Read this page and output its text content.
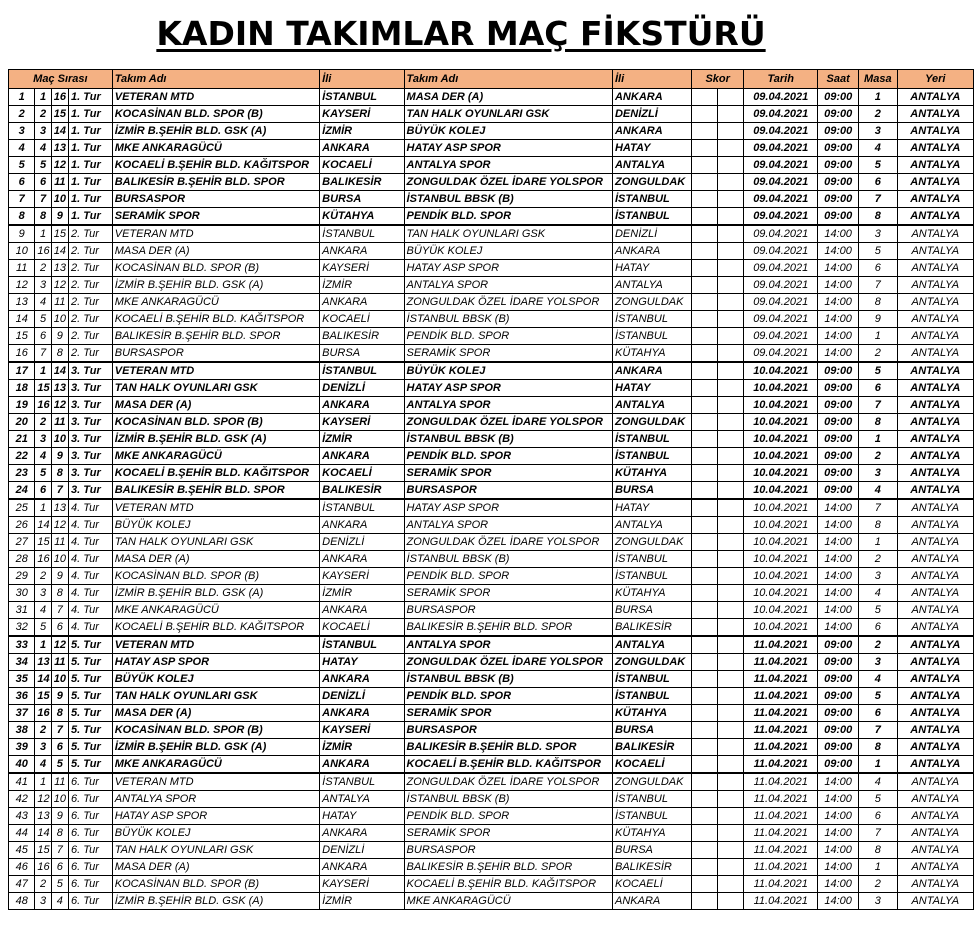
KADIN TAKIMLAR MAÇ FİKSTÜRÜ
Maç Sırası				Takım Adı	İli	Takım Adı	İli	Skor		Tarih	Saat	Masa	Yeri
1	1	16	1. Tur	VETERAN MTD	İSTANBUL	MASA DER (A)	ANKARA			09.04.2021	09:00	1	ANTALYA
2	2	15	1. Tur	KOCASİNAN BLD. SPOR (B)	KAYSERİ	TAN HALK OYUNLARI GSK	DENİZLİ			09.04.2021	09:00	2	ANTALYA
3	3	14	1. Tur	İZMİR B.ŞEHİR BLD. GSK (A)	İZMİR	BÜYÜK KOLEJ	ANKARA			09.04.2021	09:00	3	ANTALYA
4	4	13	1. Tur	MKE ANKARAGÜCÜ	ANKARA	HATAY ASP SPOR	HATAY			09.04.2021	09:00	4	ANTALYA
5	5	12	1. Tur	KOCAELİ B.ŞEHİR BLD. KAĞITSPOR	KOCAELİ	ANTALYA SPOR	ANTALYA			09.04.2021	09:00	5	ANTALYA
6	6	11	1. Tur	BALIKESİR B.ŞEHİR BLD. SPOR	BALIKESİR	ZONGULDAK ÖZEL İDARE YOLSPOR	ZONGULDAK			09.04.2021	09:00	6	ANTALYA
7	7	10	1. Tur	BURSASPOR	BURSA	İSTANBUL BBSK (B)	İSTANBUL			09.04.2021	09:00	7	ANTALYA
8	8	9	1. Tur	SERAMİK SPOR	KÜTAHYA	PENDİK BLD. SPOR	İSTANBUL			09.04.2021	09:00	8	ANTALYA
9	1	15	2. Tur	VETERAN MTD	İSTANBUL	TAN HALK OYUNLARI GSK	DENİZLİ			09.04.2021	14:00	3	ANTALYA
10	16	14	2. Tur	MASA DER (A)	ANKARA	BÜYÜK KOLEJ	ANKARA			09.04.2021	14:00	5	ANTALYA
11	2	13	2. Tur	KOCASİNAN BLD. SPOR (B)	KAYSERİ	HATAY ASP SPOR	HATAY			09.04.2021	14:00	6	ANTALYA
12	3	12	2. Tur	İZMİR B.ŞEHİR BLD. GSK (A)	İZMİR	ANTALYA SPOR	ANTALYA			09.04.2021	14:00	7	ANTALYA
13	4	11	2. Tur	MKE ANKARAGÜCÜ	ANKARA	ZONGULDAK ÖZEL İDARE YOLSPOR	ZONGULDAK			09.04.2021	14:00	8	ANTALYA
14	5	10	2. Tur	KOCAELİ B.ŞEHİR BLD. KAĞITSPOR	KOCAELİ	İSTANBUL BBSK (B)	İSTANBUL			09.04.2021	14:00	9	ANTALYA
15	6	9	2. Tur	BALIKESİR B.ŞEHİR BLD. SPOR	BALIKESİR	PENDİK BLD. SPOR	İSTANBUL			09.04.2021	14:00	1	ANTALYA
16	7	8	2. Tur	BURSASPOR	BURSA	SERAMİK SPOR	KÜTAHYA			09.04.2021	14:00	2	ANTALYA
17	1	14	3. Tur	VETERAN MTD	İSTANBUL	BÜYÜK KOLEJ	ANKARA			10.04.2021	09:00	5	ANTALYA
18	15	13	3. Tur	TAN HALK OYUNLARI GSK	DENİZLİ	HATAY ASP SPOR	HATAY			10.04.2021	09:00	6	ANTALYA
19	16	12	3. Tur	MASA DER (A)	ANKARA	ANTALYA SPOR	ANTALYA			10.04.2021	09:00	7	ANTALYA
20	2	11	3. Tur	KOCASİNAN BLD. SPOR (B)	KAYSERİ	ZONGULDAK ÖZEL İDARE YOLSPOR	ZONGULDAK			10.04.2021	09:00	8	ANTALYA
21	3	10	3. Tur	İZMİR B.ŞEHİR BLD. GSK (A)	İZMİR	İSTANBUL BBSK (B)	İSTANBUL			10.04.2021	09:00	1	ANTALYA
22	4	9	3. Tur	MKE ANKARAGÜCÜ	ANKARA	PENDİK BLD. SPOR	İSTANBUL			10.04.2021	09:00	2	ANTALYA
23	5	8	3. Tur	KOCAELİ B.ŞEHİR BLD. KAĞITSPOR	KOCAELİ	SERAMİK SPOR	KÜTAHYA			10.04.2021	09:00	3	ANTALYA
24	6	7	3. Tur	BALIKESİR B.ŞEHİR BLD. SPOR	BALIKESİR	BURSASPOR	BURSA			10.04.2021	09:00	4	ANTALYA
25	1	13	4. Tur	VETERAN MTD	İSTANBUL	HATAY ASP SPOR	HATAY			10.04.2021	14:00	7	ANTALYA
26	14	12	4. Tur	BÜYÜK KOLEJ	ANKARA	ANTALYA SPOR	ANTALYA			10.04.2021	14:00	8	ANTALYA
27	15	11	4. Tur	TAN HALK OYUNLARI GSK	DENİZLİ	ZONGULDAK ÖZEL İDARE YOLSPOR	ZONGULDAK			10.04.2021	14:00	1	ANTALYA
28	16	10	4. Tur	MASA DER (A)	ANKARA	İSTANBUL BBSK (B)	İSTANBUL			10.04.2021	14:00	2	ANTALYA
29	2	9	4. Tur	KOCASİNAN BLD. SPOR (B)	KAYSERİ	PENDİK BLD. SPOR	İSTANBUL			10.04.2021	14:00	3	ANTALYA
30	3	8	4. Tur	İZMİR B.ŞEHİR BLD. GSK (A)	İZMİR	SERAMİK SPOR	KÜTAHYA			10.04.2021	14:00	4	ANTALYA
31	4	7	4. Tur	MKE ANKARAGÜCÜ	ANKARA	BURSASPOR	BURSA			10.04.2021	14:00	5	ANTALYA
32	5	6	4. Tur	KOCAELİ B.ŞEHİR BLD. KAĞITSPOR	KOCAELİ	BALIKESİR B.ŞEHİR BLD. SPOR	BALIKESİR			10.04.2021	14:00	6	ANTALYA
33	1	12	5. Tur	VETERAN MTD	İSTANBUL	ANTALYA SPOR	ANTALYA			11.04.2021	09:00	2	ANTALYA
34	13	11	5. Tur	HATAY ASP SPOR	HATAY	ZONGULDAK ÖZEL İDARE YOLSPOR	ZONGULDAK			11.04.2021	09:00	3	ANTALYA
35	14	10	5. Tur	BÜYÜK KOLEJ	ANKARA	İSTANBUL BBSK (B)	İSTANBUL			11.04.2021	09:00	4	ANTALYA
36	15	9	5. Tur	TAN HALK OYUNLARI GSK	DENİZLİ	PENDİK BLD. SPOR	İSTANBUL			11.04.2021	09:00	5	ANTALYA
37	16	8	5. Tur	MASA DER (A)	ANKARA	SERAMİK SPOR	KÜTAHYA			11.04.2021	09:00	6	ANTALYA
38	2	7	5. Tur	KOCASİNAN BLD. SPOR (B)	KAYSERİ	BURSASPOR	BURSA			11.04.2021	09:00	7	ANTALYA
39	3	6	5. Tur	İZMİR B.ŞEHİR BLD. GSK (A)	İZMİR	BALIKESİR B.ŞEHİR BLD. SPOR	BALIKESİR			11.04.2021	09:00	8	ANTALYA
40	4	5	5. Tur	MKE ANKARAGÜCÜ	ANKARA	KOCAELİ B.ŞEHİR BLD. KAĞITSPOR	KOCAELİ			11.04.2021	09:00	1	ANTALYA
41	1	11	6. Tur	VETERAN MTD	İSTANBUL	ZONGULDAK ÖZEL İDARE YOLSPOR	ZONGULDAK			11.04.2021	14:00	4	ANTALYA
42	12	10	6. Tur	ANTALYA SPOR	ANTALYA	İSTANBUL BBSK (B)	İSTANBUL			11.04.2021	14:00	5	ANTALYA
43	13	9	6. Tur	HATAY ASP SPOR	HATAY	PENDİK BLD. SPOR	İSTANBUL			11.04.2021	14:00	6	ANTALYA
44	14	8	6. Tur	BÜYÜK KOLEJ	ANKARA	SERAMİK SPOR	KÜTAHYA			11.04.2021	14:00	7	ANTALYA
45	15	7	6. Tur	TAN HALK OYUNLARI GSK	DENİZLİ	BURSASPOR	BURSA			11.04.2021	14:00	8	ANTALYA
46	16	6	6. Tur	MASA DER (A)	ANKARA	BALIKESİR B.ŞEHİR BLD. SPOR	BALIKESİR			11.04.2021	14:00	1	ANTALYA
47	2	5	6. Tur	KOCASİNAN BLD. SPOR (B)	KAYSERİ	KOCAELİ B.ŞEHİR BLD. KAĞITSPOR	KOCAELİ			11.04.2021	14:00	2	ANTALYA
48	3	4	6. Tur	İZMİR B.ŞEHİR BLD. GSK (A)	İZMİR	MKE ANKARAGÜCÜ	ANKARA			11.04.2021	14:00	3	ANTALYA
